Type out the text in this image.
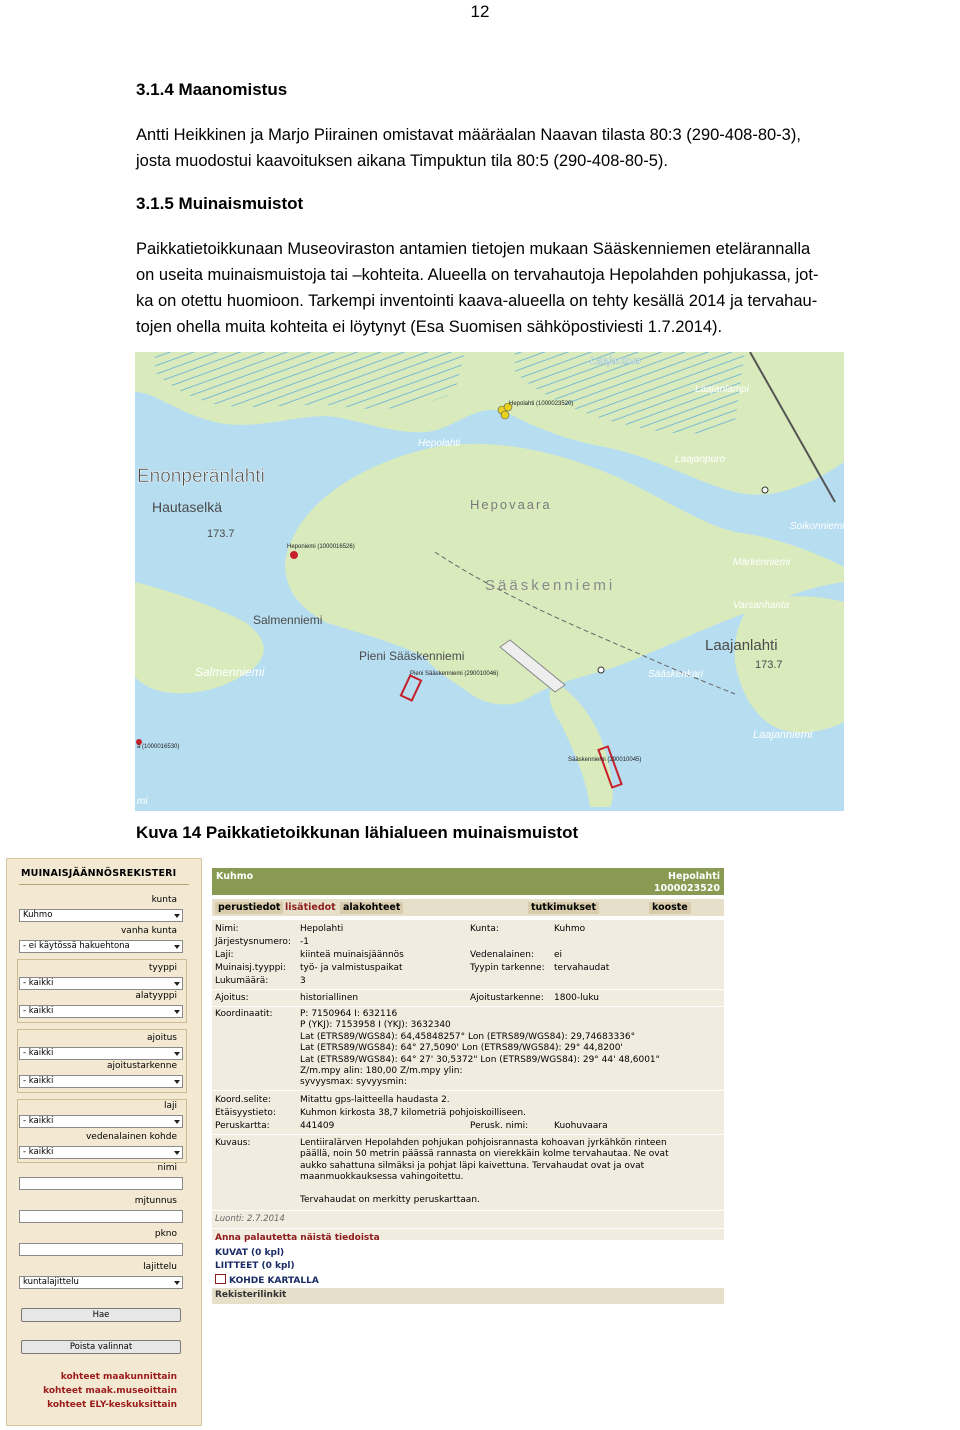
12
3.1.4 Maanomistus
Antti Heikkinen ja Marjo Piirainen omistavat määräalan Naavan tilasta 80:3 (290-408-80-3),
josta muodostui kaavoituksen aikana Timpuktun tila 80:5 (290-408-80-5).
3.1.5 Muinaismuistot
Paikkatietoikkunaan Museoviraston antamien tietojen mukaan Sääskenniemen etelärannalla
on useita muinaismuistoja tai –kohteita. Alueella on tervahautoja Hepolahden pohjukassa, jot-
ka on otettu huomioon. Tarkempi inventointi kaava-alueella on tehty kesällä 2014 ja tervahau-
tojen ohella muita kohteita ei löytynyt (Esa Suomisen sähköpostiviesti 1.7.2014).
Laajansuo
Laajanlampi
Hepolahti (1000023520)
Hepolahti
Enonperänlahti
Hautaselkä
173.7
Hepovaara
Laajanpuro
Soikonniemi
Heponiemi (1000016526)
Märkenniemi
Sääskenniemi
Varsanhanta
Salmenniemi
Salmenniemi
Pieni Sääskenniemi
Pieni Sääskenniemi (290010046)
Laajanlahti
173.7
Sääskenkari
Laajanniemi
ä (1000016530)
Sääskenniemi (290010045)
mi
Kuva 14 Paikkatietoikkunan lähialueen muinaismuistot
MUINAISJÄÄNNÖSREKISTERI
kunta
Kuhmo
vanha kunta
- ei käytössä hakuehtona
tyyppi
- kaikki
alatyyppi
- kaikki
ajoitus
- kaikki
ajoitustarkenne
- kaikki
laji
- kaikki
vedenalainen kohde
- kaikki
nimi
mjtunnus
pkno
lajittelu
kuntalajittelu
Hae
Poista valinnat
kohteet maakunnittain
kohteet maak.museoittain
kohteet ELY-keskuksittain
Kuhmo	Hepolahti
1000023520
perustiedot lisätiedot alakohteet	tutkimukset	kooste
Nimi:	Hepolahti	Kunta:	Kuhmo
Järjestysnumero: -1
Laji:	kiinteä muinaisjäännös	Vedenalainen: ei
Muinaisj.tyyppi: työ- ja valmistuspaikat	Tyypin tarkenne: tervahaudat
Lukumäärä:	3
Ajoitus:	historiallinen	Ajoitustarkenne: 1800-luku
Koordinaatit:	P: 7150964 I: 632116
P (YKJ): 7153958 I (YKJ): 3632340
Lat (ETRS89/WGS84): 64,45848257° Lon (ETRS89/WGS84): 29,74683336°
Lat (ETRS89/WGS84): 64° 27,5090' Lon (ETRS89/WGS84): 29° 44,8200'
Lat (ETRS89/WGS84): 64° 27' 30,5372" Lon (ETRS89/WGS84): 29° 44' 48,6001"
Z/m.mpy alin: 180,00 Z/m.mpy ylin:
syvyysmax: syvyysmin:
Koord.selite:	Mitattu gps-laitteella haudasta 2.
Etäisyystieto:	Kuhmon kirkosta 38,7 kilometriä pohjoiskoilliseen.
Peruskartta:	441409	Perusk. nimi:	Kuohuvaara
Kuvaus:	Lentiiralärven Hepolahden pohjukan pohjoisrannasta kohoavan jyrkähkön rinteen
päällä, noin 50 metrin päässä rannasta on vierekkäin kolme tervahautaa. Ne ovat
aukko sahattuna silmäksi ja pohjat läpi kaivettuna. Tervahaudat ovat ja ovat
maanmuokkauksessa vahingoitettu.

Tervahaudat on merkitty peruskarttaan.
Luonti: 2.7.2014
Anna palautetta näistä tiedoista
KUVAT (0 kpl)
LIITTEET (0 kpl)
KOHDE KARTALLA
Rekisterilinkit
